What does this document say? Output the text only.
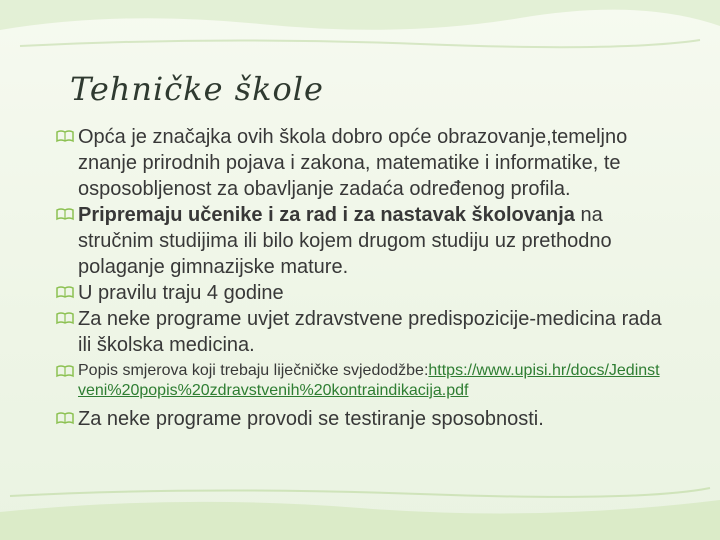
Tehničke škole
Opća je značajka ovih škola dobro opće obrazovanje,temeljno znanje prirodnih pojava i zakona, matematike i informatike, te osposobljenost za obavljanje zadaća određenog profila.
Pripremaju učenike i za rad i za nastavak školovanja na stručnim studijima ili bilo kojem drugom studiju uz prethodno polaganje gimnazijske mature.
U pravilu traju 4 godine
Za neke programe uvjet zdravstvene predispozicije-medicina rada ili školska medicina.
Popis smjerova koji trebaju liječničke svjedodžbe:https://www.upisi.hr/docs/Jedinstveni%20popis%20zdravstvenih%20kontraindikacija.pdf
Za neke programe provodi se testiranje sposobnosti.
